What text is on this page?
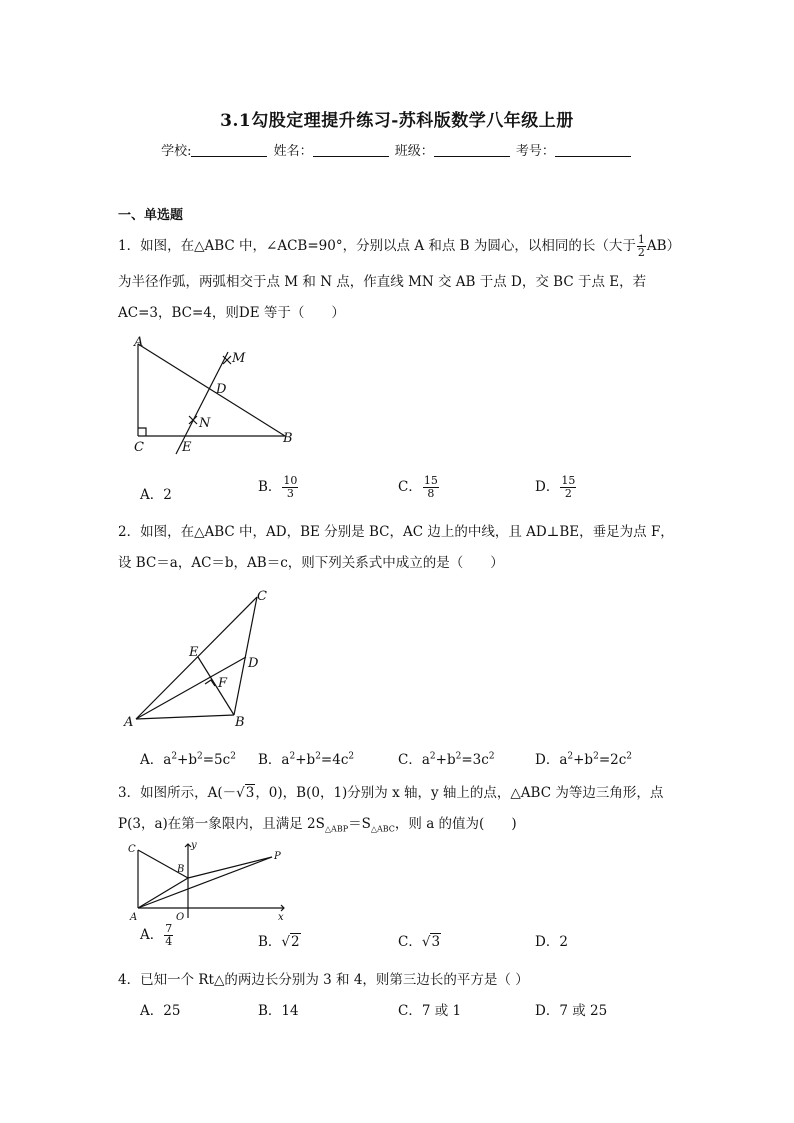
3.1勾股定理提升练习-苏科版数学八年级上册
学校:	姓名：	班级：	考号：
一、单选题
1．如图，在△ABC 中，∠ACB=90°，分别以点 A 和点 B 为圆心，以相同的长（大于 $\frac{1}{2} AB$）
为半径作弧，两弧相交于点 M 和 N 点，作直线 MN 交 AB 于点 D，交 BC 于点 E，若
AC=3，BC=4，则DE 等于（　　）
A
M
D
N
C	E
B
A．2	B． $\frac{10}{3}$	C． $\frac{15}{8}$	D． $\frac{15}{2}$
2．如图，在△ABC 中，AD，BE 分别是 BC，AC 边上的中线，且 AD⊥BE，垂足为点 F，
设 BC＝a，AC＝b，AB＝c，则下列关系式中成立的是（　　）
C
E
D
F
A	B
A．$a^2+b^2=5c^2$ B．$a^2+b^2=4c^2$	C．$a^2+b^2=3c^2$	D．$a^2+b^2=2c^2$
3．如图所示，A(－√3，0)，B(0，1)分别为 x 轴，y 轴上的点，△ABC 为等边三角形，点
P(3，a)在第一象限内，且满足 $2S_{\triangle ABP}=S_{\triangle ABC}$，则 a 的值为(　　)
C	y
B
P
A	O	x
A． $\frac{7}{4}$	B．√2	C．√3	D．2
4．已知一个 Rt△的两边长分别为 3 和 4，则第三边长的平方是（ ）
A．25	B．14	C．7 或 1	D．7 或 25
